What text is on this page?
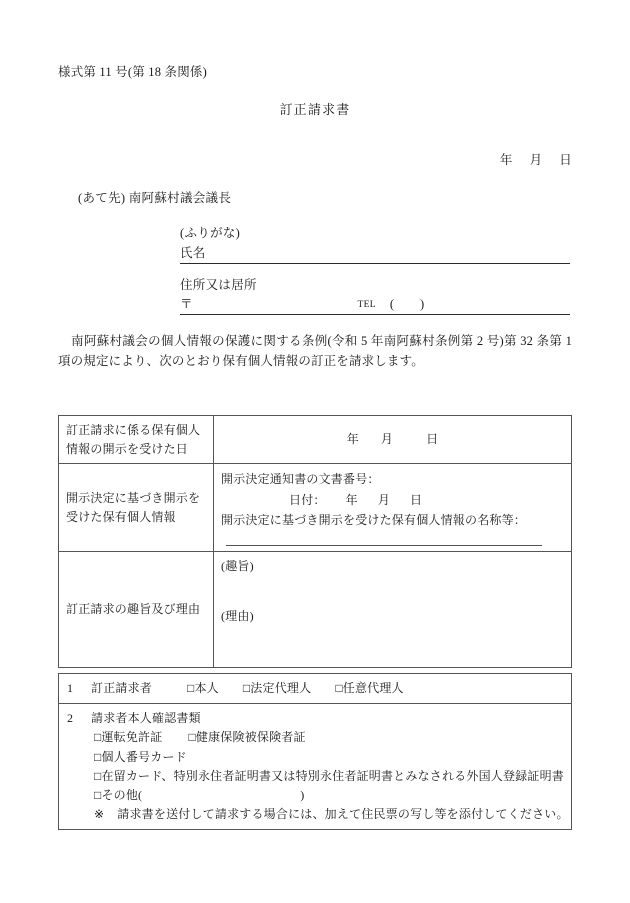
様式第 11 号(第 18 条関係)
訂正請求書
年 月 日
(あて先) 南阿蘇村議会議長
(ふりがな)
氏名
住所又は居所
〒	TEL ( )
南阿蘇村議会の個人情報の保護に関する条例(令和 5 年南阿蘇村条例第 2 号)第 32 条第 1 項の規定により、次のとおり保有個人情報の訂正を請求します。
訂正請求に係る保有個人情報の開示を受けた日	年 月 日
開示決定に基づき開示を受けた保有個人情報	開示決定通知書の文書番号：
日付： 年 月 日
開示決定に基づき開示を受けた保有個人情報の名称等：

訂正請求の趣旨及び理由	(趣旨)
(理由)
1 訂正請求者	□本人 □法定代理人 □任意代理人

2 請求者本人確認書類
□運転免許証 □健康保険被保険者証
□個人番号カード
□在留カード、特別永住者証明書又は特別永住者証明書とみなされる外国人登録証明書
□その他(	)
※ 請求書を送付して請求する場合には、加えて住民票の写し等を添付してください。
